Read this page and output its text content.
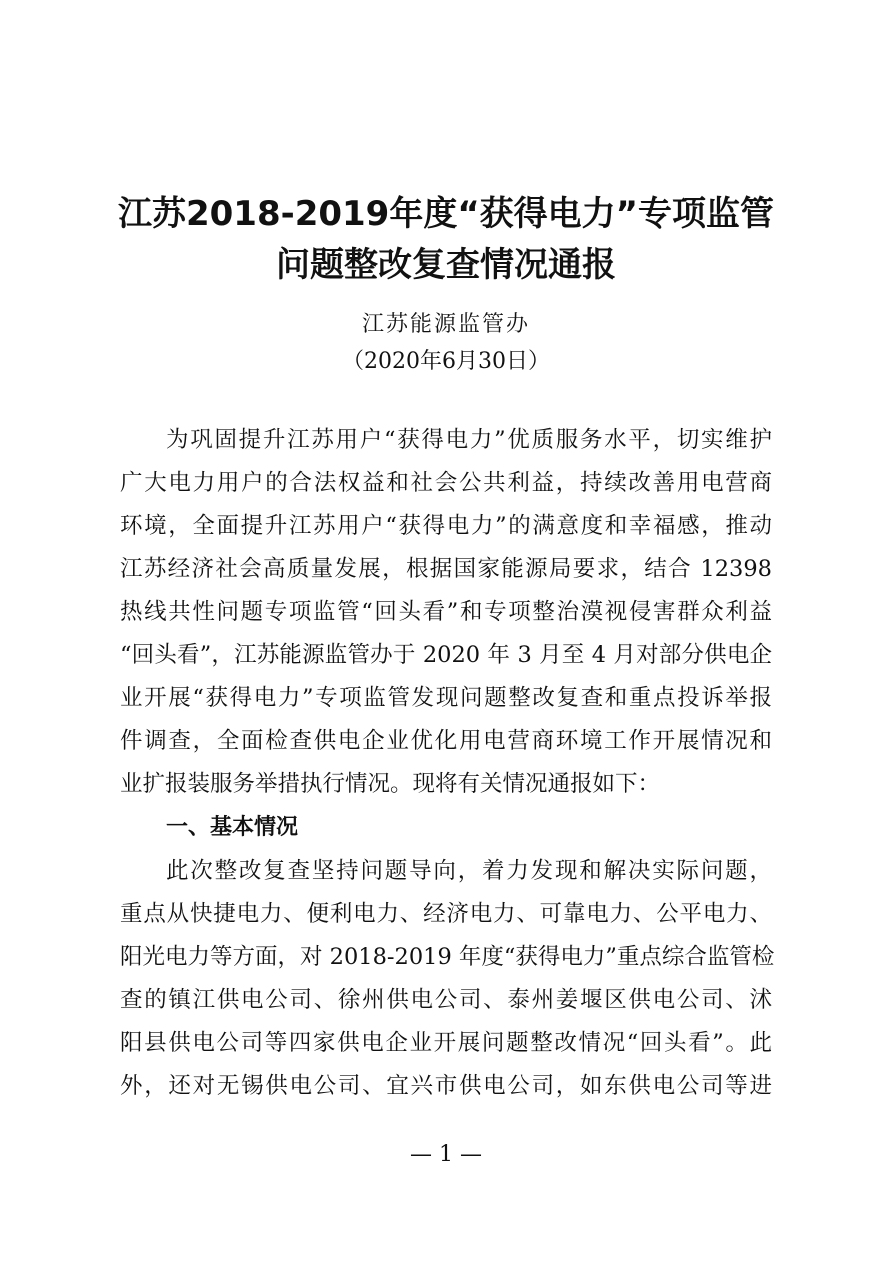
江苏2018-2019年度“获得电力”专项监管
问题整改复查情况通报
江苏能源监管办
（2020年6月30日）
为巩固提升江苏用户“获得电力”优质服务水平，切实维护
广大电力用户的合法权益和社会公共利益，持续改善用电营商
环境，全面提升江苏用户“获得电力”的满意度和幸福感，推动
江苏经济社会高质量发展，根据国家能源局要求，结合 12398
热线共性问题专项监管“回头看”和专项整治漠视侵害群众利益
“回头看”，江苏能源监管办于 2020 年 3 月至 4 月对部分供电企
业开展“获得电力”专项监管发现问题整改复查和重点投诉举报
件调查，全面检查供电企业优化用电营商环境工作开展情况和
业扩报装服务举措执行情况。现将有关情况通报如下：
一、基本情况
此次整改复查坚持问题导向，着力发现和解决实际问题，
重点从快捷电力、便利电力、经济电力、可靠电力、公平电力、
阳光电力等方面，对 2018-2019 年度“获得电力”重点综合监管检
查的镇江供电公司、徐州供电公司、泰州姜堰区供电公司、沭
阳县供电公司等四家供电企业开展问题整改情况“回头看”。此
外，还对无锡供电公司、宜兴市供电公司，如东供电公司等进
— 1 —
